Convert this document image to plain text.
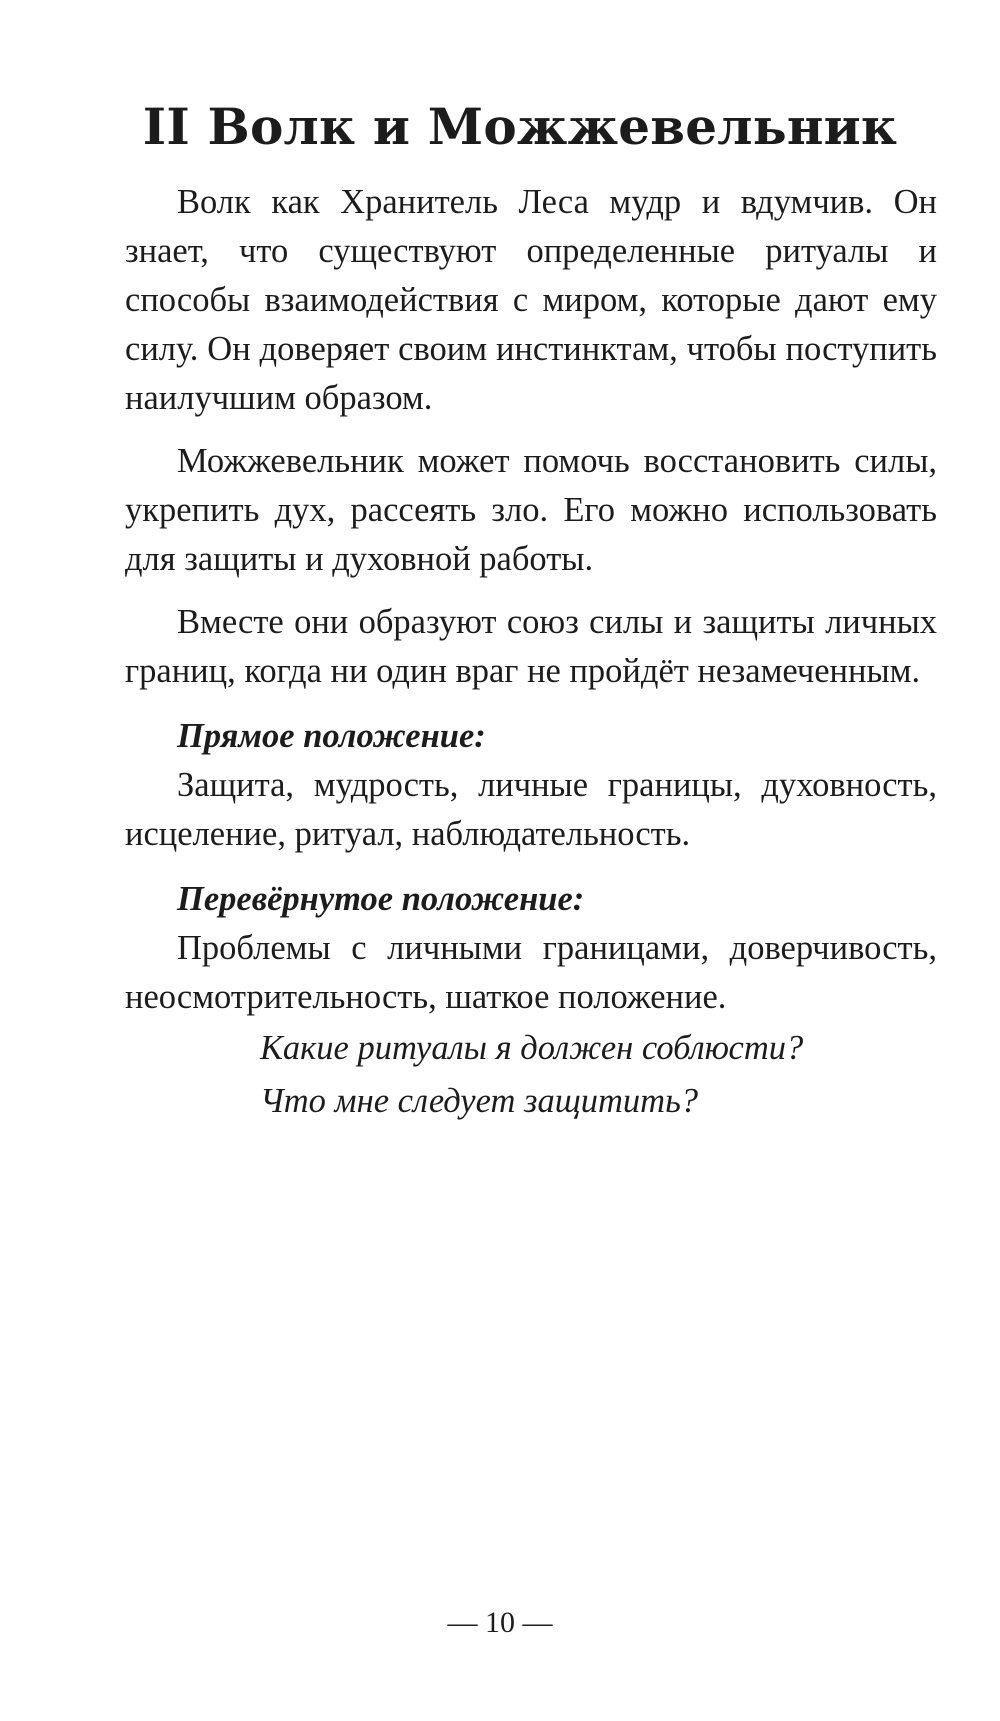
II Волк и Можжевельник

Волк как Хранитель Леса мудр и вдумчив. Он знает, что существуют определенные ритуалы и способы взаимодействия с миром, которые дают ему силу. Он доверяет своим инстинктам, чтобы поступить наилучшим образом.

Можжевельник может помочь восстановить силы, укрепить дух, рассеять зло. Его можно использовать для защиты и духовной работы.

Вместе они образуют союз силы и защиты личных границ, когда ни один враг не пройдёт незамеченным.

Прямое положение:

Защита, мудрость, личные границы, духовность, исцеление, ритуал, наблюдательность.

Перевёрнутое положение:

Проблемы с личными границами, доверчивость, неосмотрительность, шаткое положение.

Какие ритуалы я должен соблюсти?
Что мне следует защитить?
— 10 —
